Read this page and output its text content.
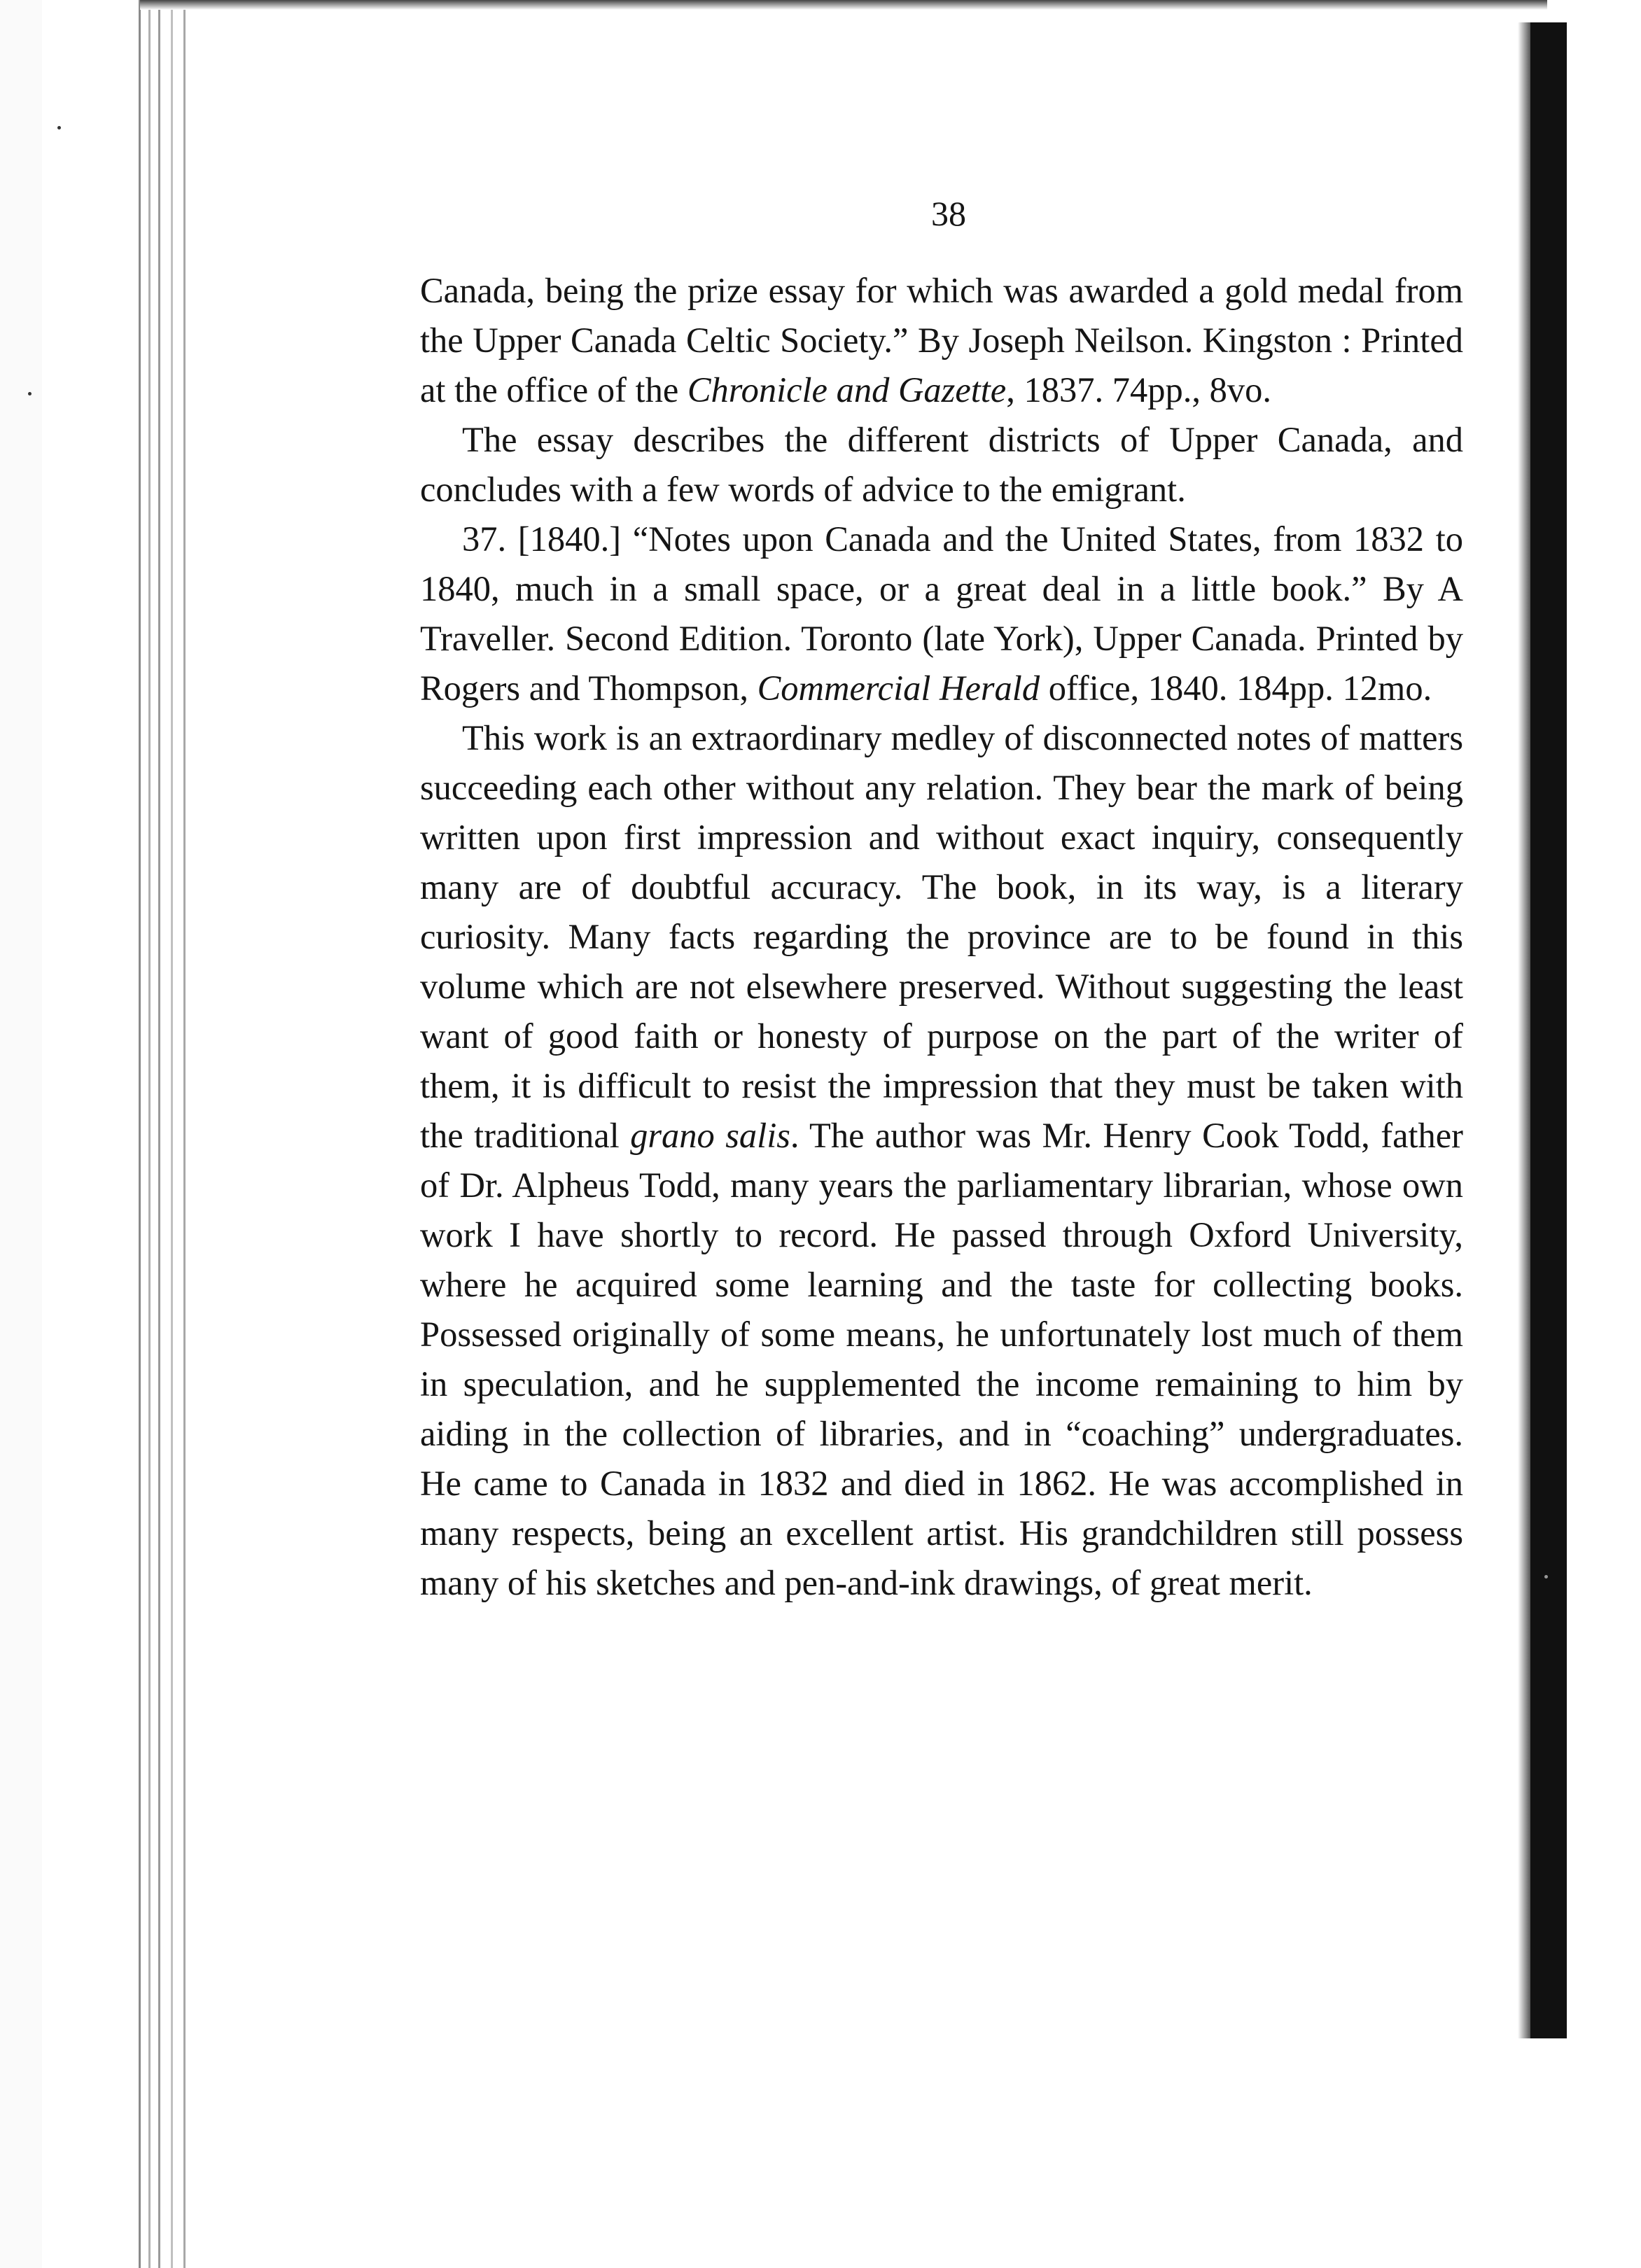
38

Canada, being the prize essay for which was awarded a gold medal from the Upper Canada Celtic Society.” By Joseph Neilson. Kingston : Printed at the office of the Chronicle and Gazette, 1837. 74pp., 8vo.

The essay describes the different districts of Upper Canada, and concludes with a few words of advice to the emigrant.

37. [1840.] “Notes upon Canada and the United States, from 1832 to 1840, much in a small space, or a great deal in a little book.” By A Traveller. Second Edition. Toronto (late York), Upper Canada. Printed by Rogers and Thompson, Commercial Herald office, 1840. 184pp. 12mo.

This work is an extraordinary medley of disconnected notes of matters succeeding each other without any relation. They bear the mark of being written upon first impression and without exact inquiry, consequently many are of doubtful accuracy. The book, in its way, is a literary curiosity. Many facts regarding the province are to be found in this volume which are not elsewhere preserved. Without suggesting the least want of good faith or honesty of purpose on the part of the writer of them, it is difficult to resist the impression that they must be taken with the traditional grano salis. The author was Mr. Henry Cook Todd, father of Dr. Alpheus Todd, many years the parliamentary librarian, whose own work I have shortly to record. He passed through Oxford University, where he acquired some learning and the taste for collecting books. Possessed originally of some means, he unfortunately lost much of them in speculation, and he supplemented the income remaining to him by aiding in the collection of libraries, and in “coaching” undergraduates. He came to Canada in 1832 and died in 1862. He was accomplished in many respects, being an excellent artist. His grandchildren still possess many of his sketches and pen-and-ink drawings, of great merit.
